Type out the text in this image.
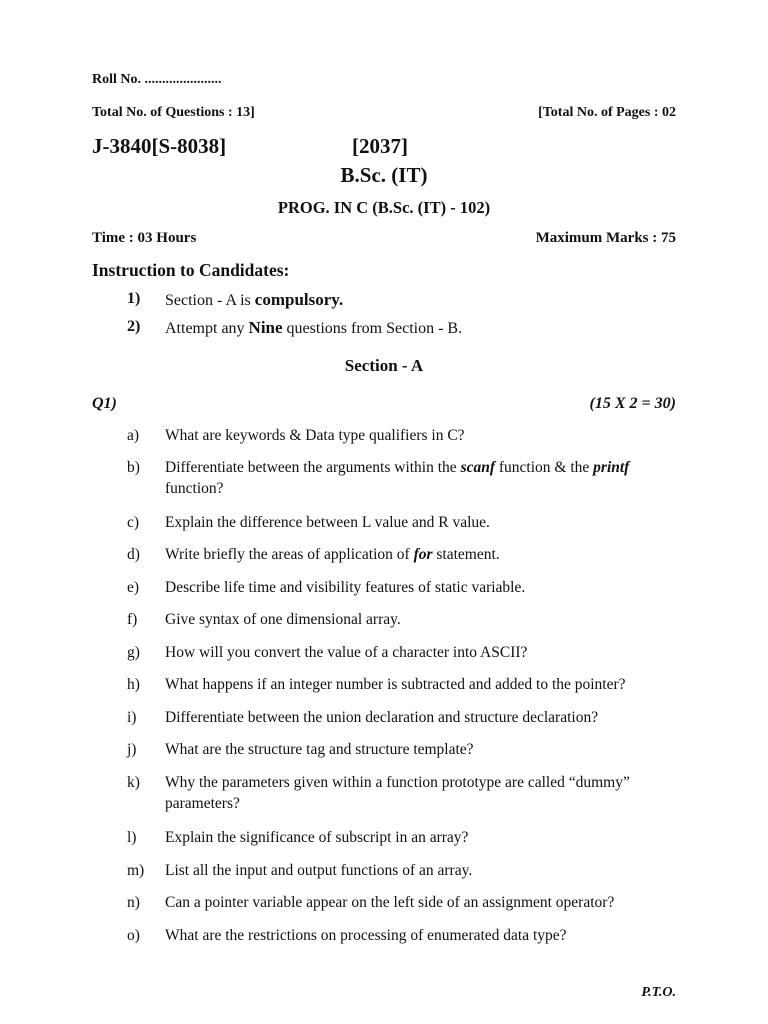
Roll No. ......................
Total No. of Questions : 13]	[Total No. of Pages : 02
J-3840[S-8038]	[2037]
B.Sc. (IT)
PROG. IN C (B.Sc. (IT) - 102)
Time : 03 Hours	Maximum Marks : 75
Instruction to Candidates:
1) Section - A is compulsory.
2) Attempt any Nine questions from Section - B.
Section - A
Q1)	(15 X 2 = 30)
a) What are keywords & Data type qualifiers in C?
b) Differentiate between the arguments within the scanf function & the printf function?
c) Explain the difference between L value and R value.
d) Write briefly the areas of application of for statement.
e) Describe life time and visibility features of static variable.
f) Give syntax of one dimensional array.
g) How will you convert the value of a character into ASCII?
h) What happens if an integer number is subtracted and added to the pointer?
i) Differentiate between the union declaration and structure declaration?
j) What are the structure tag and structure template?
k) Why the parameters given within a function prototype are called “dummy” parameters?
l) Explain the significance of subscript in an array?
m) List all the input and output functions of an array.
n) Can a pointer variable appear on the left side of an assignment operator?
o) What are the restrictions on processing of enumerated data type?
P.T.O.
